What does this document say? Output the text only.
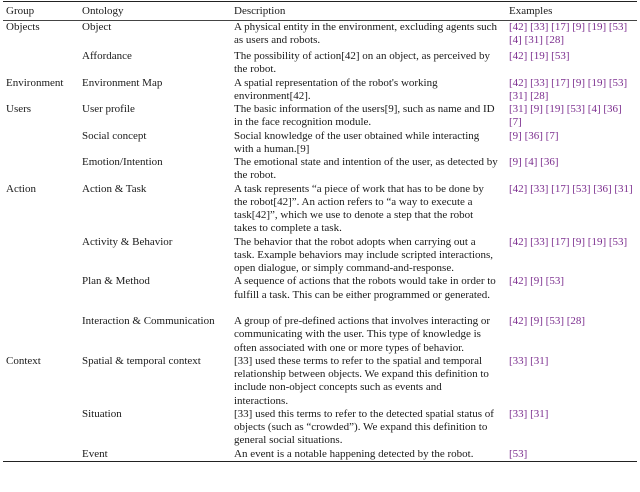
Group	Ontology	Description	Examples
Objects	Object	A physical entity in the environment, excluding agents such as users and robots.	[42] [33] [17] [9] [19] [53] [4] [31] [28]
	Affordance	The possibility of action[42] on an object, as perceived by the robot.	[42] [19] [53]
Environment	Environment Map	A spatial representation of the robot's working environment[42].	[42] [33] [17] [9] [19] [53] [31] [28]
Users	User profile	The basic information of the users[9], such as name and ID in the face recognition module.	[31] [9] [19] [53] [4] [36] [7]
	Social concept	Social knowledge of the user obtained while interacting with a human.[9]	[9] [36] [7]
	Emotion/Intention	The emotional state and intention of the user, as detected by the robot.	[9] [4] [36]
Action	Action & Task	A task represents “a piece of work that has to be done by the robot[42]”. An action refers to “a way to execute a task[42]”, which we use to denote a step that the robot takes to complete a task.	[42] [33] [17] [53] [36] [31]
	Activity & Behavior	The behavior that the robot adopts when carrying out a task. Example behaviors may include scripted interactions, open dialogue, or simply command-and-response.	[42] [33] [17] [9] [19] [53]
	Plan & Method	A sequence of actions that the robots would take in order to fulfill a task. This can be either programmed or generated.	[42] [9] [53]
	Interaction & Communication	A group of pre-defined actions that involves interacting or communicating with the user. This type of knowledge is often associated with one or more types of behavior.	[42] [9] [53] [28]
Context	Spatial & temporal context	[33] used these terms to refer to the spatial and temporal relationship between objects. We expand this definition to include non-object concepts such as events and interactions.	[33] [31]
	Situation	[33] used this terms to refer to the detected spatial status of objects (such as “crowded”). We expand this definition to general social situations.	[33] [31]
	Event	An event is a notable happening detected by the robot.	[53]
